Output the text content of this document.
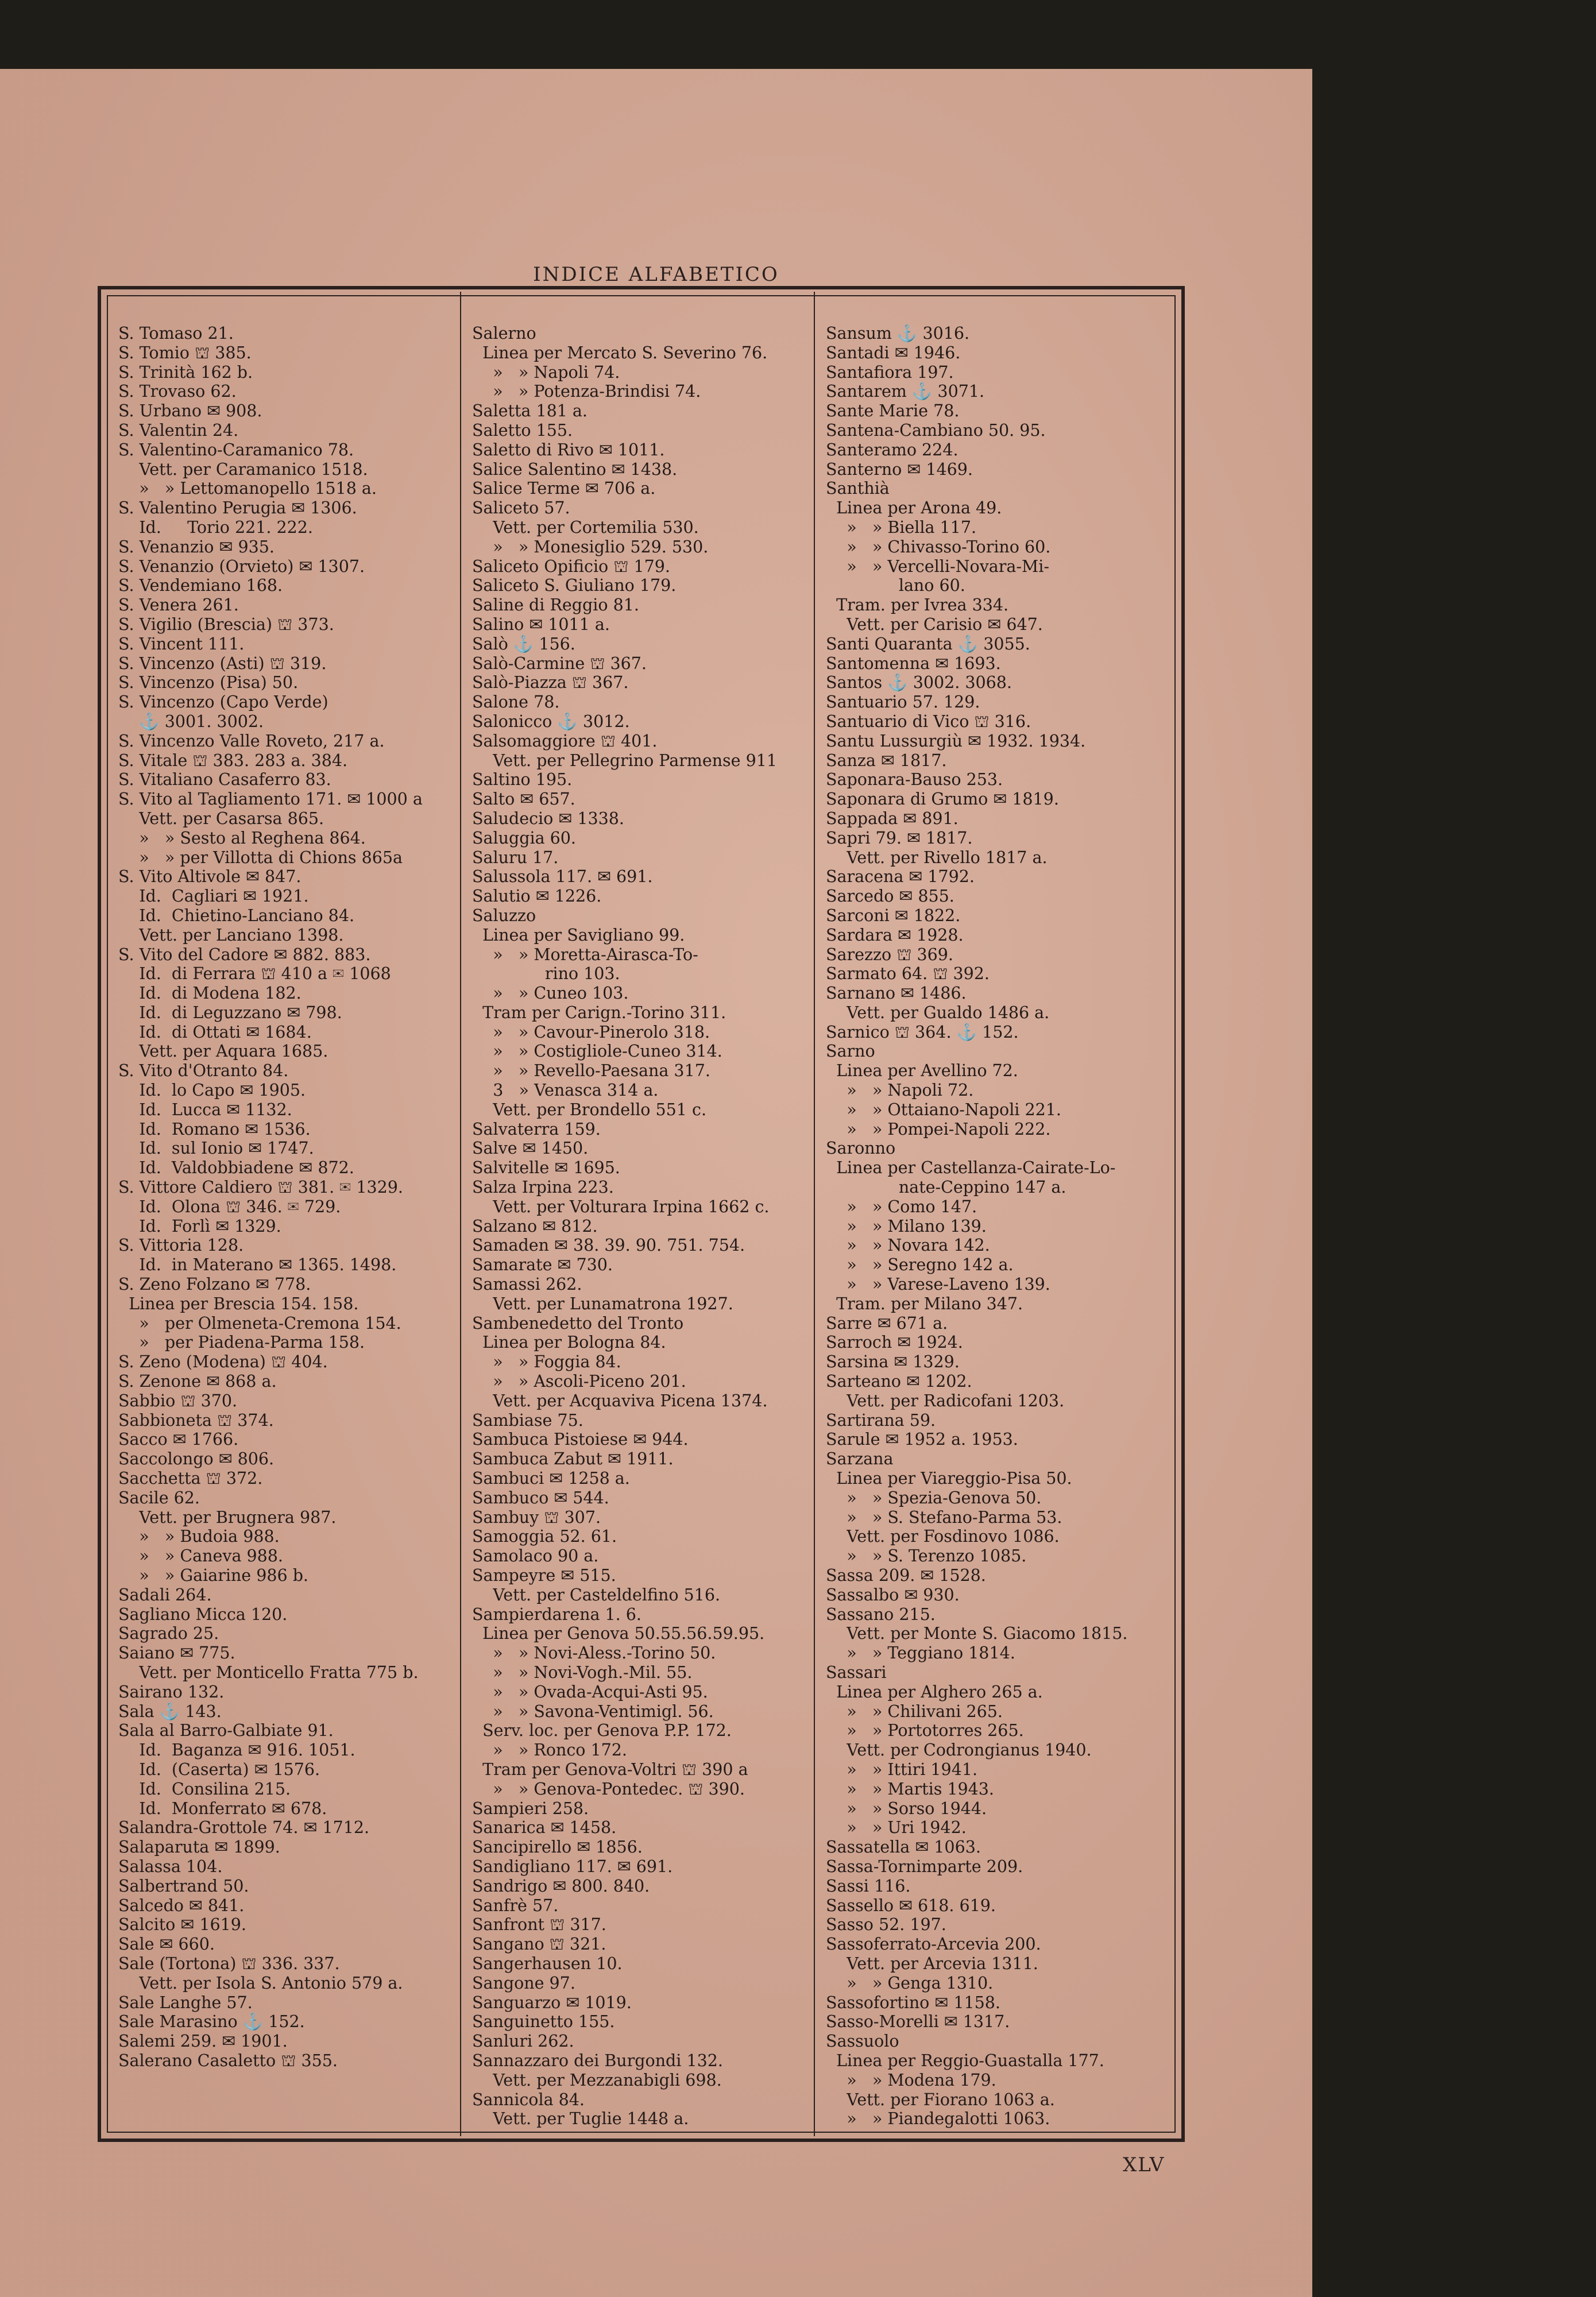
INDICE ALFABETICO
S. Tomaso 21.
S. Tomio ⛫ 385.
S. Trinità 162 b.
S. Trovaso 62.
S. Urbano ✉ 908.
S. Valentin 24.
S. Valentino-Caramanico 78.
Vett. per Caramanico 1518.
»   » Lettomanopello 1518 a.
S. Valentino Perugia ✉ 1306.
Id.     Torio 221. 222.
S. Venanzio ✉ 935.
S. Venanzio (Orvieto) ✉ 1307.
S. Vendemiano 168.
S. Venera 261.
S. Vigilio (Brescia) ⛫ 373.
S. Vincent 111.
S. Vincenzo (Asti) ⛫ 319.
S. Vincenzo (Pisa) 50.
S. Vincenzo (Capo Verde)
⚓ 3001. 3002.
S. Vincenzo Valle Roveto, 217 a.
S. Vitale ⛫ 383. 283 a. 384.
S. Vitaliano Casaferro 83.
S. Vito al Tagliamento 171. ✉ 1000 a
Vett. per Casarsa 865.
»   » Sesto al Reghena 864.
»   » per Villotta di Chions 865a
S. Vito Altivole ✉ 847.
Id.  Cagliari ✉ 1921.
Id.  Chietino-Lanciano 84.
Vett. per Lanciano 1398.
S. Vito del Cadore ✉ 882. 883.
Id.  di Ferrara ⛫ 410 a ✉ 1068
Id.  di Modena 182.
Id.  di Leguzzano ✉ 798.
Id.  di Ottati ✉ 1684.
Vett. per Aquara 1685.
S. Vito d'Otranto 84.
Id.  lo Capo ✉ 1905.
Id.  Lucca ✉ 1132.
Id.  Romano ✉ 1536.
Id.  sul Ionio ✉ 1747.
Id.  Valdobbiadene ✉ 872.
S. Vittore Caldiero ⛫ 381. ✉ 1329.
Id.  Olona ⛫ 346. ✉ 729.
Id.  Forlì ✉ 1329.
S. Vittoria 128.
Id.  in Materano ✉ 1365. 1498.
S. Zeno Folzano ✉ 778.
Linea per Brescia 154. 158.
»   per Olmeneta-Cremona 154.
»   per Piadena-Parma 158.
S. Zeno (Modena) ⛫ 404.
S. Zenone ✉ 868 a.
Sabbio ⛫ 370.
Sabbioneta ⛫ 374.
Sacco ✉ 1766.
Saccolongo ✉ 806.
Sacchetta ⛫ 372.
Sacile 62.
Vett. per Brugnera 987.
»   » Budoia 988.
»   » Caneva 988.
»   » Gaiarine 986 b.
Sadali 264.
Sagliano Micca 120.
Sagrado 25.
Saiano ✉ 775.
Vett. per Monticello Fratta 775 b.
Sairano 132.
Sala ⚓ 143.
Sala al Barro-Galbiate 91.
Id.  Baganza ✉ 916. 1051.
Id.  (Caserta) ✉ 1576.
Id.  Consilina 215.
Id.  Monferrato ✉ 678.
Salandra-Grottole 74. ✉ 1712.
Salaparuta ✉ 1899.
Salassa 104.
Salbertrand 50.
Salcedo ✉ 841.
Salcito ✉ 1619.
Sale ✉ 660.
Sale (Tortona) ⛫ 336. 337.
Vett. per Isola S. Antonio 579 a.
Sale Langhe 57.
Sale Marasino ⚓ 152.
Salemi 259. ✉ 1901.
Salerano Casaletto ⛫ 355.
Salerno
Linea per Mercato S. Severino 76.
»   » Napoli 74.
»   » Potenza-Brindisi 74.
Saletta 181 a.
Saletto 155.
Saletto di Rivo ✉ 1011.
Salice Salentino ✉ 1438.
Salice Terme ✉ 706 a.
Saliceto 57.
Vett. per Cortemilia 530.
»   » Monesiglio 529. 530.
Saliceto Opificio ⛫ 179.
Saliceto S. Giuliano 179.
Saline di Reggio 81.
Salino ✉ 1011 a.
Salò ⚓ 156.
Salò-Carmine ⛫ 367.
Salò-Piazza ⛫ 367.
Salone 78.
Salonicco ⚓ 3012.
Salsomaggiore ⛫ 401.
Vett. per Pellegrino Parmense 911
Saltino 195.
Salto ✉ 657.
Saludecio ✉ 1338.
Saluggia 60.
Saluru 17.
Salussola 117. ✉ 691.
Salutio ✉ 1226.
Saluzzo
Linea per Savigliano 99.
»   » Moretta-Airasca-To-
rino 103.
»   » Cuneo 103.
Tram per Carign.-Torino 311.
»   » Cavour-Pinerolo 318.
»   » Costigliole-Cuneo 314.
»   » Revello-Paesana 317.
3   » Venasca 314 a.
Vett. per Brondello 551 c.
Salvaterra 159.
Salve ✉ 1450.
Salvitelle ✉ 1695.
Salza Irpina 223.
Vett. per Volturara Irpina 1662 c.
Salzano ✉ 812.
Samaden ✉ 38. 39. 90. 751. 754.
Samarate ✉ 730.
Samassi 262.
Vett. per Lunamatrona 1927.
Sambenedetto del Tronto
Linea per Bologna 84.
»   » Foggia 84.
»   » Ascoli-Piceno 201.
Vett. per Acquaviva Picena 1374.
Sambiase 75.
Sambuca Pistoiese ✉ 944.
Sambuca Zabut ✉ 1911.
Sambuci ✉ 1258 a.
Sambuco ✉ 544.
Sambuy ⛫ 307.
Samoggia 52. 61.
Samolaco 90 a.
Sampeyre ✉ 515.
Vett. per Casteldelfino 516.
Sampierdarena 1. 6.
Linea per Genova 50.55.56.59.95.
»   » Novi-Aless.-Torino 50.
»   » Novi-Vogh.-Mil. 55.
»   » Ovada-Acqui-Asti 95.
»   » Savona-Ventimigl. 56.
Serv. loc. per Genova P.P. 172.
»   » Ronco 172.
Tram per Genova-Voltri ⛫ 390 a
»   » Genova-Pontedec. ⛫ 390.
Sampieri 258.
Sanarica ✉ 1458.
Sancipirello ✉ 1856.
Sandigliano 117. ✉ 691.
Sandrigo ✉ 800. 840.
Sanfrè 57.
Sanfront ⛫ 317.
Sangano ⛫ 321.
Sangerhausen 10.
Sangone 97.
Sanguarzo ✉ 1019.
Sanguinetto 155.
Sanluri 262.
Sannazzaro dei Burgondi 132.
Vett. per Mezzanabigli 698.
Sannicola 84.
Vett. per Tuglie 1448 a.
Sansum ⚓ 3016.
Santadi ✉ 1946.
Santafiora 197.
Santarem ⚓ 3071.
Sante Marie 78.
Santena-Cambiano 50. 95.
Santeramo 224.
Santerno ✉ 1469.
Santhià
Linea per Arona 49.
»   » Biella 117.
»   » Chivasso-Torino 60.
»   » Vercelli-Novara-Mi-
lano 60.
Tram. per Ivrea 334.
Vett. per Carisio ✉ 647.
Santi Quaranta ⚓ 3055.
Santomenna ✉ 1693.
Santos ⚓ 3002. 3068.
Santuario 57. 129.
Santuario di Vico ⛫ 316.
Santu Lussurgiù ✉ 1932. 1934.
Sanza ✉ 1817.
Saponara-Bauso 253.
Saponara di Grumo ✉ 1819.
Sappada ✉ 891.
Sapri 79. ✉ 1817.
Vett. per Rivello 1817 a.
Saracena ✉ 1792.
Sarcedo ✉ 855.
Sarconi ✉ 1822.
Sardara ✉ 1928.
Sarezzo ⛫ 369.
Sarmato 64. ⛫ 392.
Sarnano ✉ 1486.
Vett. per Gualdo 1486 a.
Sarnico ⛫ 364. ⚓ 152.
Sarno
Linea per Avellino 72.
»   » Napoli 72.
»   » Ottaiano-Napoli 221.
»   » Pompei-Napoli 222.
Saronno
Linea per Castellanza-Cairate-Lo-
nate-Ceppino 147 a.
»   » Como 147.
»   » Milano 139.
»   » Novara 142.
»   » Seregno 142 a.
»   » Varese-Laveno 139.
Tram. per Milano 347.
Sarre ✉ 671 a.
Sarroch ✉ 1924.
Sarsina ✉ 1329.
Sarteano ✉ 1202.
Vett. per Radicofani 1203.
Sartirana 59.
Sarule ✉ 1952 a. 1953.
Sarzana
Linea per Viareggio-Pisa 50.
»   » Spezia-Genova 50.
»   » S. Stefano-Parma 53.
Vett. per Fosdinovo 1086.
»   » S. Terenzo 1085.
Sassa 209. ✉ 1528.
Sassalbo ✉ 930.
Sassano 215.
Vett. per Monte S. Giacomo 1815.
»   » Teggiano 1814.
Sassari
Linea per Alghero 265 a.
»   » Chilivani 265.
»   » Portotorres 265.
Vett. per Codrongianus 1940.
»   » Ittiri 1941.
»   » Martis 1943.
»   » Sorso 1944.
»   » Uri 1942.
Sassatella ✉ 1063.
Sassa-Tornimparte 209.
Sassi 116.
Sassello ✉ 618. 619.
Sasso 52. 197.
Sassoferrato-Arcevia 200.
Vett. per Arcevia 1311.
»   » Genga 1310.
Sassofortino ✉ 1158.
Sasso-Morelli ✉ 1317.
Sassuolo
Linea per Reggio-Guastalla 177.
»   » Modena 179.
Vett. per Fiorano 1063 a.
»   » Piandegalotti 1063.
XLV
